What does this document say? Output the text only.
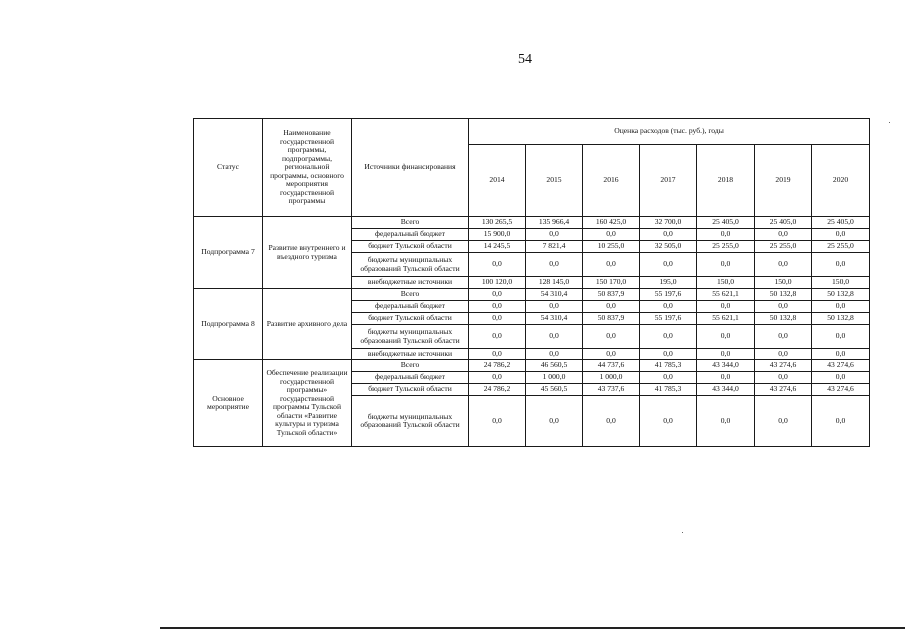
54
Статус	Наименование государственной программы, подпрограммы, региональной программы, основного мероприятия государственной программы	Источники финансирования	Оценка расходов (тыс. руб.), годы						
			2014	2015	2016	2017	2018	2019	2020
Подпрограмма 7	Развитие внутреннего и въездного туризма	Всего	130 265,5	135 966,4	160 425,0	32 700,0	25 405,0	25 405,0	25 405,0
		федеральный бюджет	15 900,0	0,0	0,0	0,0	0,0	0,0	0,0
		бюджет Тульской области	14 245,5	7 821,4	10 255,0	32 505,0	25 255,0	25 255,0	25 255,0
		бюджеты муниципальных образований Тульской области	0,0	0,0	0,0	0,0	0,0	0,0	0,0
		внебюджетные источники	100 120,0	128 145,0	150 170,0	195,0	150,0	150,0	150,0
Подпрограмма 8	Развитие архивного дела	Всего	0,0	54 310,4	50 837,9	55 197,6	55 621,1	50 132,8	50 132,8
		федеральный бюджет	0,0	0,0	0,0	0,0	0,0	0,0	0,0
		бюджет Тульской области	0,0	54 310,4	50 837,9	55 197,6	55 621,1	50 132,8	50 132,8
		бюджеты муниципальных образований Тульской области	0,0	0,0	0,0	0,0	0,0	0,0	0,0
		внебюджетные источники	0,0	0,0	0,0	0,0	0,0	0,0	0,0
Основное мероприятие	Обеспечение реализации государственной программы» государственной программы Тульской области «Развитие культуры и туризма Тульской области»	Всего	24 786,2	46 560,5	44 737,6	41 785,3	43 344,0	43 274,6	43 274,6
		федеральный бюджет	0,0	1 000,0	1 000,0	0,0	0,0	0,0	0,0
		бюджет Тульской области	24 786,2	45 560,5	43 737,6	41 785,3	43 344,0	43 274,6	43 274,6
		бюджеты муниципальных образований Тульской области	0,0	0,0	0,0	0,0	0,0	0,0	0,0
